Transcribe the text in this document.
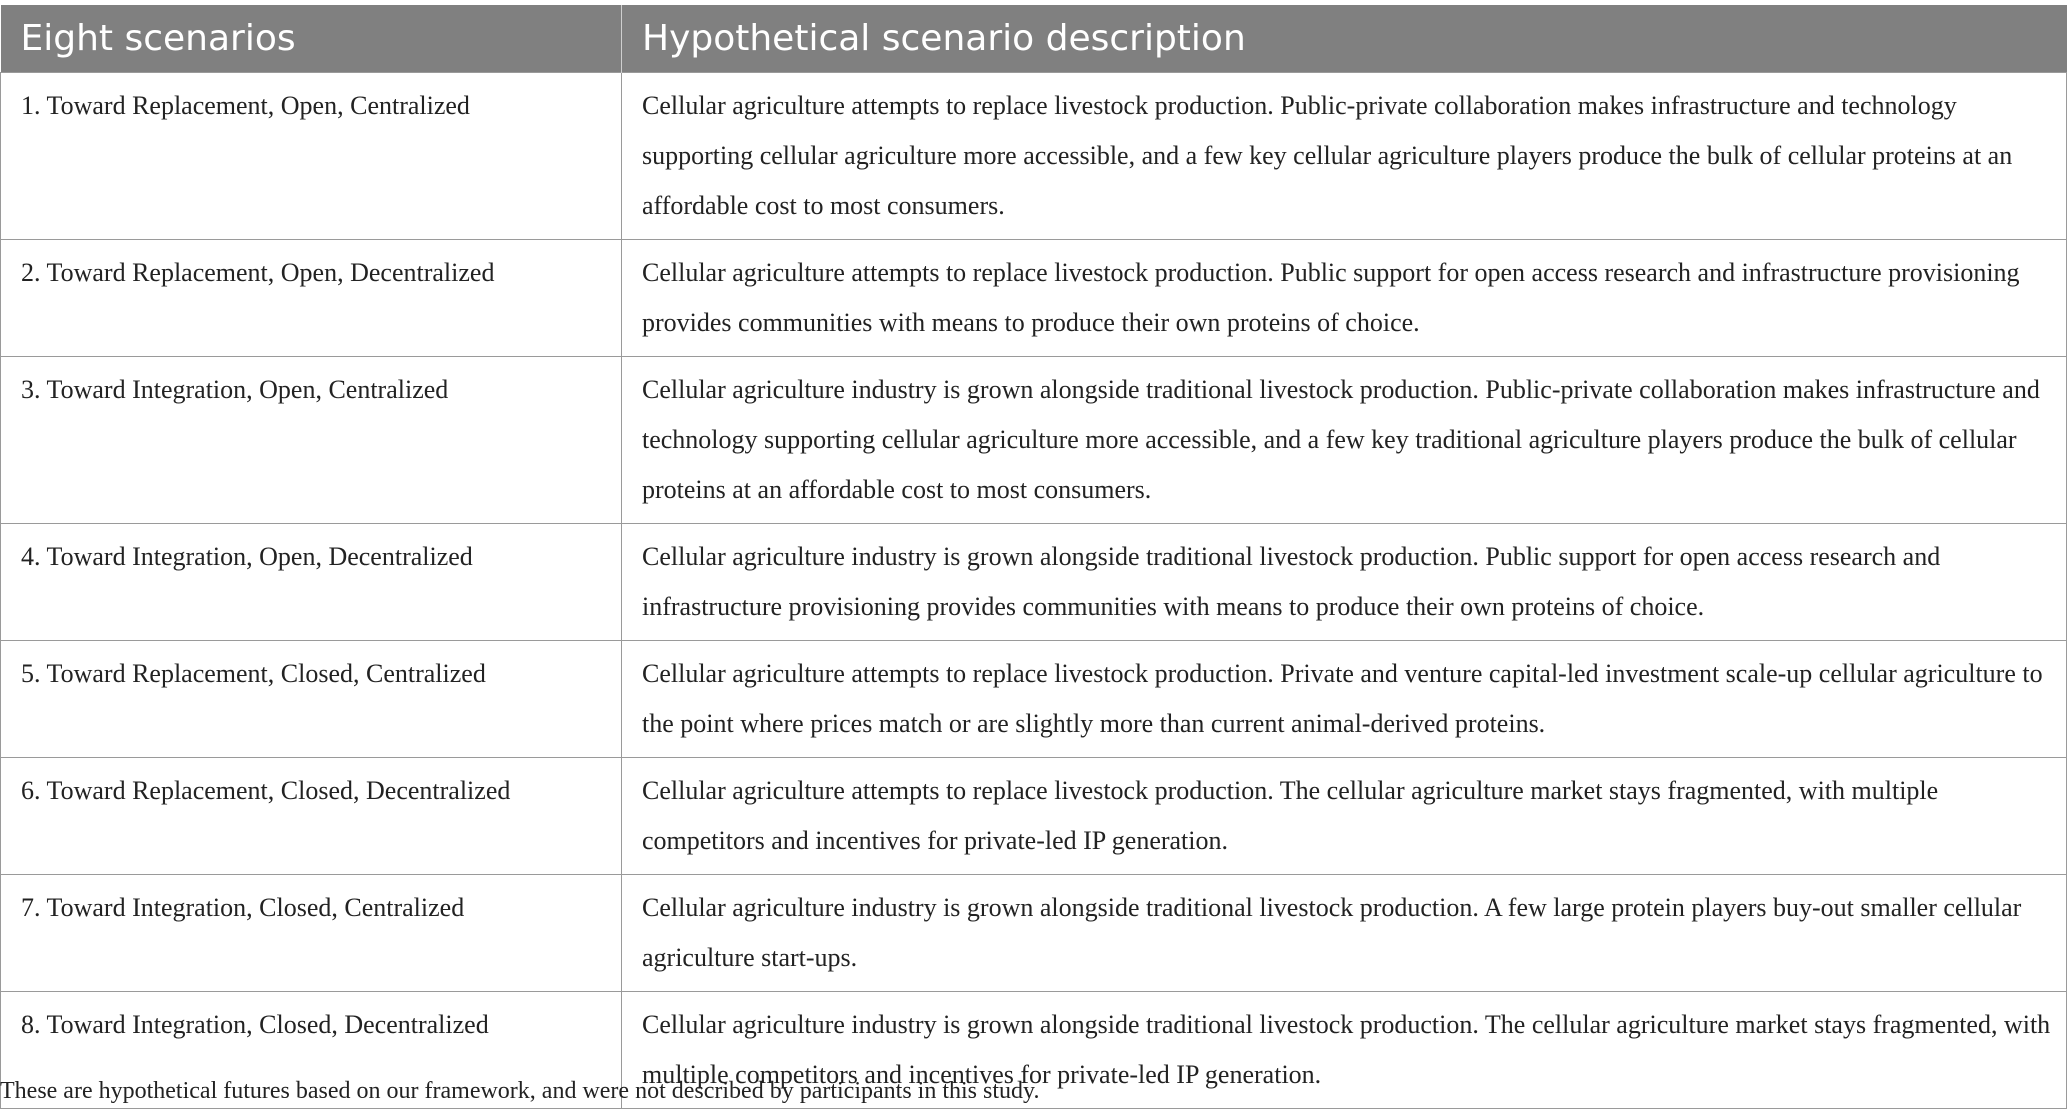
Eight scenarios	Hypothetical scenario description
1. Toward Replacement, Open, Centralized	Cellular agriculture attempts to replace livestock production. Public-private collaboration makes infrastructure and technology supporting cellular agriculture more accessible, and a few key cellular agriculture players produce the bulk of cellular proteins at an affordable cost to most consumers.
2. Toward Replacement, Open, Decentralized	Cellular agriculture attempts to replace livestock production. Public support for open access research and infrastructure provisioning provides communities with means to produce their own proteins of choice.
3. Toward Integration, Open, Centralized	Cellular agriculture industry is grown alongside traditional livestock production. Public-private collaboration makes infrastructure and technology supporting cellular agriculture more accessible, and a few key traditional agriculture players produce the bulk of cellular proteins at an affordable cost to most consumers.
4. Toward Integration, Open, Decentralized	Cellular agriculture industry is grown alongside traditional livestock production. Public support for open access research and infrastructure provisioning provides communities with means to produce their own proteins of choice.
5. Toward Replacement, Closed, Centralized	Cellular agriculture attempts to replace livestock production. Private and venture capital-led investment scale-up cellular agriculture to the point where prices match or are slightly more than current animal-derived proteins.
6. Toward Replacement, Closed, Decentralized	Cellular agriculture attempts to replace livestock production. The cellular agriculture market stays fragmented, with multiple competitors and incentives for private-led IP generation.
7. Toward Integration, Closed, Centralized	Cellular agriculture industry is grown alongside traditional livestock production. A few large protein players buy-out smaller cellular agriculture start-ups.
8. Toward Integration, Closed, Decentralized	Cellular agriculture industry is grown alongside traditional livestock production. The cellular agriculture market stays fragmented, with multiple competitors and incentives for private-led IP generation.
These are hypothetical futures based on our framework, and were not described by participants in this study.
